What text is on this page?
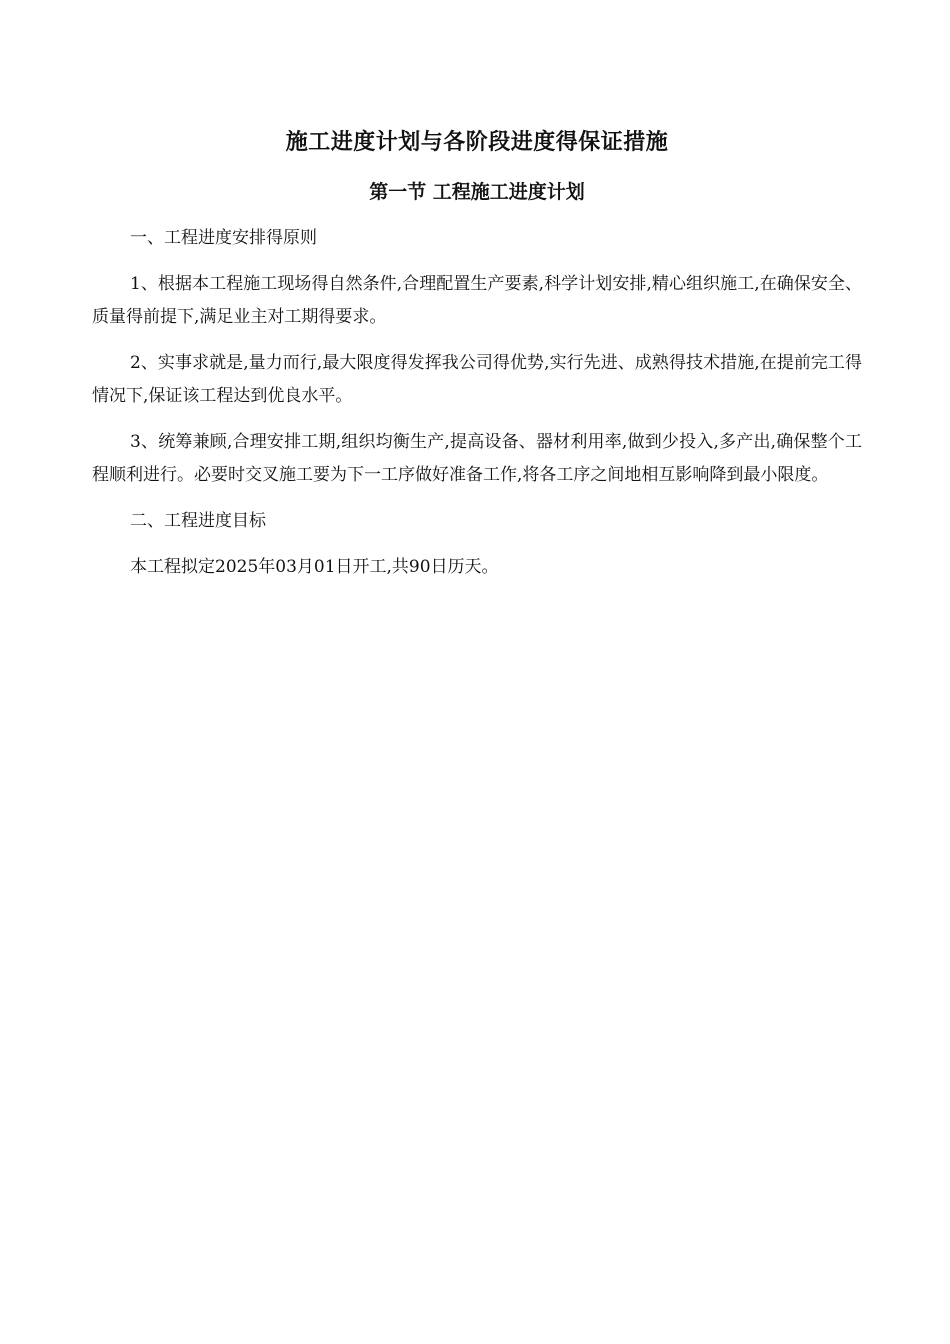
施工进度计划与各阶段进度得保证措施
第一节 工程施工进度计划

一、工程进度安排得原则

1、根据本工程施工现场得自然条件,合理配置生产要素,科学计划安排,精心组织施工,在确保安全、质量得前提下,满足业主对工期得要求。

2、实事求就是,量力而行,最大限度得发挥我公司得优势,实行先进、成熟得技术措施,在提前完工得情况下,保证该工程达到优良水平。

3、统筹兼顾,合理安排工期,组织均衡生产,提高设备、器材利用率,做到少投入,多产出,确保整个工程顺利进行。必要时交叉施工要为下一工序做好准备工作,将各工序之间地相互影响降到最小限度。

二、工程进度目标

本工程拟定2025年03月01日开工,共90日历天。
